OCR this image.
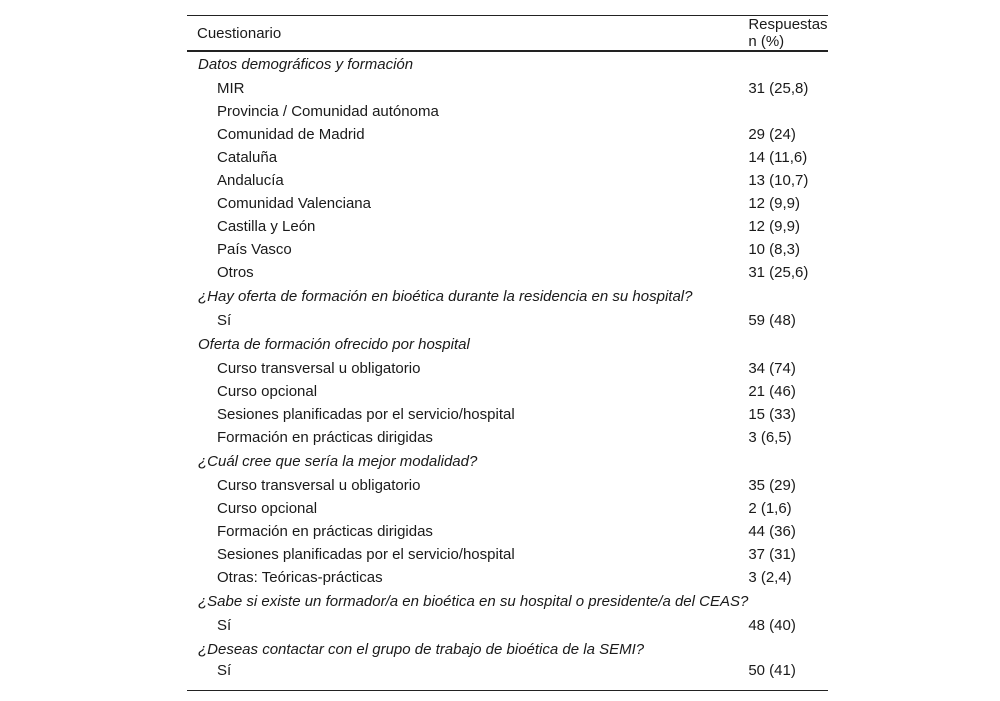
Cuestionario	Respuestas n (%)
Datos demográficos y formación	
MIR	31 (25,8)
Provincia / Comunidad autónoma	
Comunidad de Madrid	29 (24)
Cataluña	14 (11,6)
Andalucía	13 (10,7)
Comunidad Valenciana	12 (9,9)
Castilla y León	12 (9,9)
País Vasco	10 (8,3)
Otros	31 (25,6)
¿Hay oferta de formación en bioética durante la residencia en su hospital?	
Sí	59 (48)
Oferta de formación ofrecido por hospital	
Curso transversal u obligatorio	34 (74)
Curso opcional	21 (46)
Sesiones planificadas por el servicio/hospital	15 (33)
Formación en prácticas dirigidas	3 (6,5)
¿Cuál cree que sería la mejor modalidad?	
Curso transversal u obligatorio	35 (29)
Curso opcional	2 (1,6)
Formación en prácticas dirigidas	44 (36)
Sesiones planificadas por el servicio/hospital	37 (31)
Otras: Teóricas-prácticas	3 (2,4)
¿Sabe si existe un formador/a en bioética en su hospital o presidente/a del CEAS?	
Sí	48 (40)
¿Deseas contactar con el grupo de trabajo de bioética de la SEMI?	
Sí	50 (41)
